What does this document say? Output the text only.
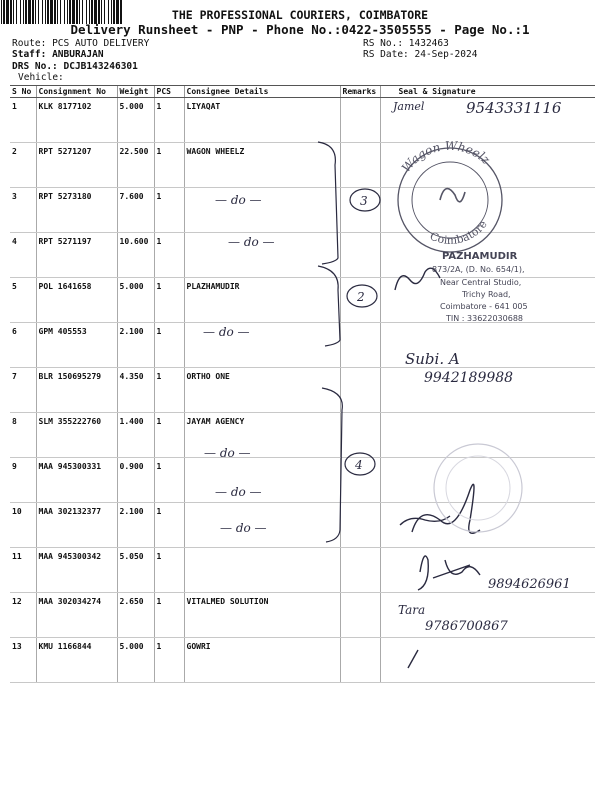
THE PROFESSIONAL COURIERS, COIMBATORE
Delivery Runsheet - PNP - Phone No.:0422-3505555 - Page No.:1
Route: PCS AUTO DELIVERY
Staff: ANBURAJAN
DRS No.: DCJB143246301
Vehicle:
RS No.: 1432463
RS Date: 24-Sep-2024
S No	Consignment No	Weight	PCS	Consignee Details	Remarks	Seal & Signature
1	KLK 8177102	5.000	1	LIYAQAT		
2	RPT 5271207	22.500	1	WAGON WHEELZ		
3	RPT 5273180	7.600	1			
4	RPT 5271197	10.600	1			
5	POL 1641658	5.000	1	PLAZHAMUDIR		
6	GPM 405553	2.100	1			
7	BLR 150695279	4.350	1	ORTHO ONE		
8	SLM 355222760	1.400	1	JAYAM AGENCY		
9	MAA 945300331	0.900	1			
10	MAA 302132377	2.100	1			
11	MAA 945300342	5.050	1			
12	MAA 302034274	2.650	1	VITALMED SOLUTION		
13	KMU 1166844	5.000	1	GOWRI		
— do —
— do —
— do —
— do —
— do —
— do —
3
2
4
Jamel	9543331116
Subi. A
9942189988
9894626961
Tara
9786700867
Wagon Wheelz
Coimbatore
PAZHAMUDIR
873/2A, (D. No. 654/1),
Near Central Studio,
Trichy Road,
Coimbatore - 641 005
TIN : 33622030688
